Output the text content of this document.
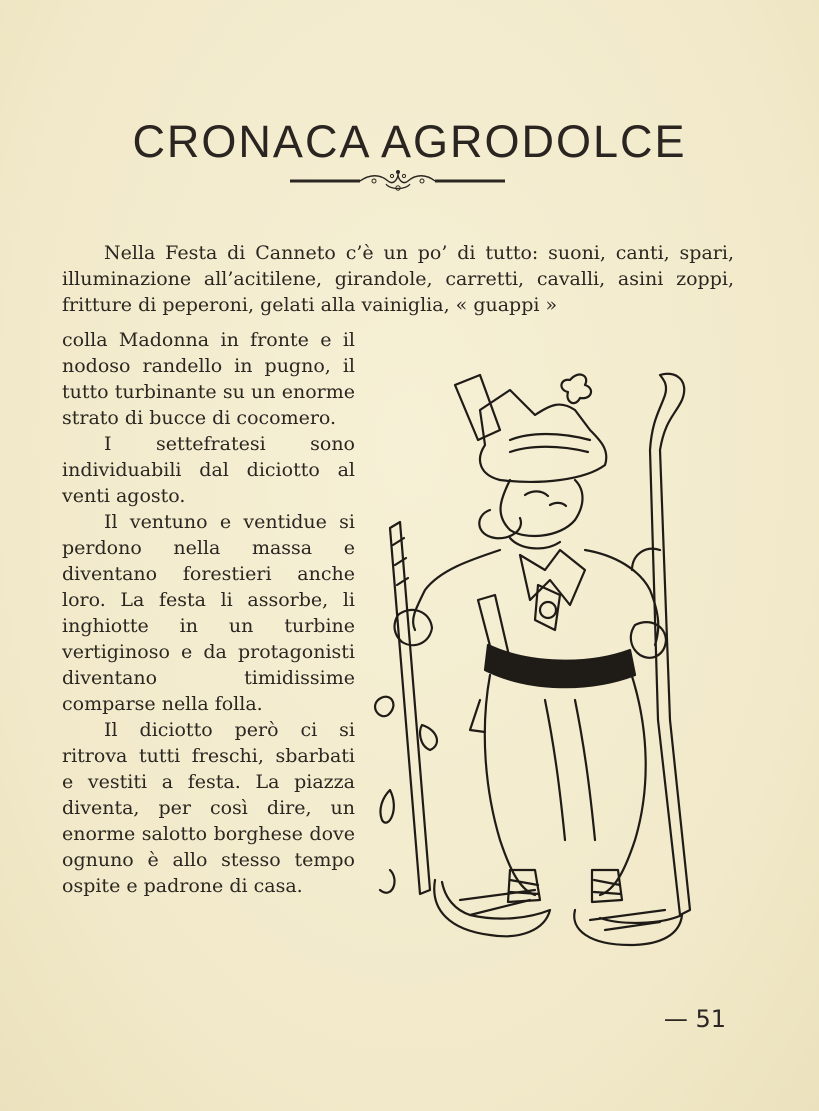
CRONACA AGRODOLCE

Nella Festa di Canneto c’è un po’ di tutto: suoni, canti, spari, illuminazione all’acitilene, girandole, carretti, cavalli, asini zoppi, fritture di peperoni, gelati alla vainiglia, « guappi »

colla Madonna in fronte e il nodoso randello in pugno, il tutto turbinante su un enorme strato di bucce di cocomero.

I settefratesi sono individuabili dal diciotto al venti agosto.

Il ventuno e ventidue si perdono nella massa e diventano forestieri anche loro. La festa li assorbe, li inghiotte in un turbine vertiginoso e da protagonisti diventano timidissime comparse nella folla.

Il diciotto però ci si ritrova tutti freschi, sbarbati e vestiti a festa. La piazza diventa, per così dire, un enorme salotto borghese dove ognuno è allo stesso tempo ospite e padrone di casa.

— 51
